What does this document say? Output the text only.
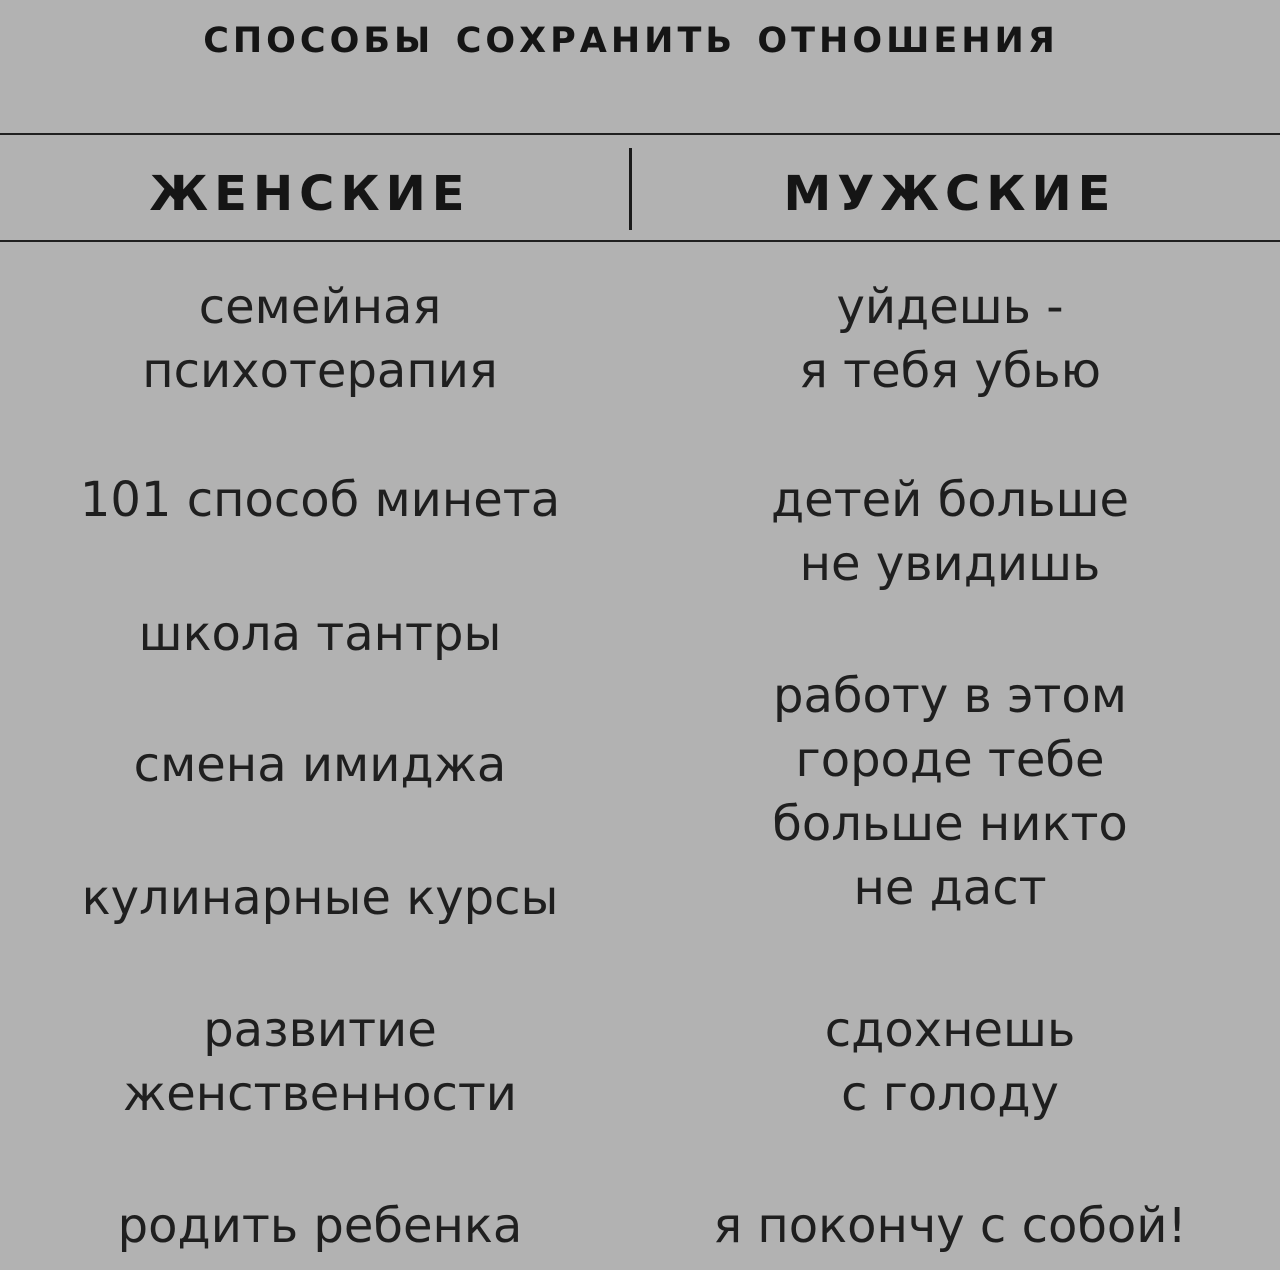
способы сохранить отношения
ЖЕНСКИЕ	МУЖСКИЕ
семейная
психотерапия
101 способ минета
школа тантры
смена имиджа
кулинарные курсы
развитие
женственности
родить ребенка
уйдешь -
я тебя убью
детей больше
не увидишь
работу в этом
городе тебе
больше никто
не даст
сдохнешь
с голоду
я покончу с собой!
